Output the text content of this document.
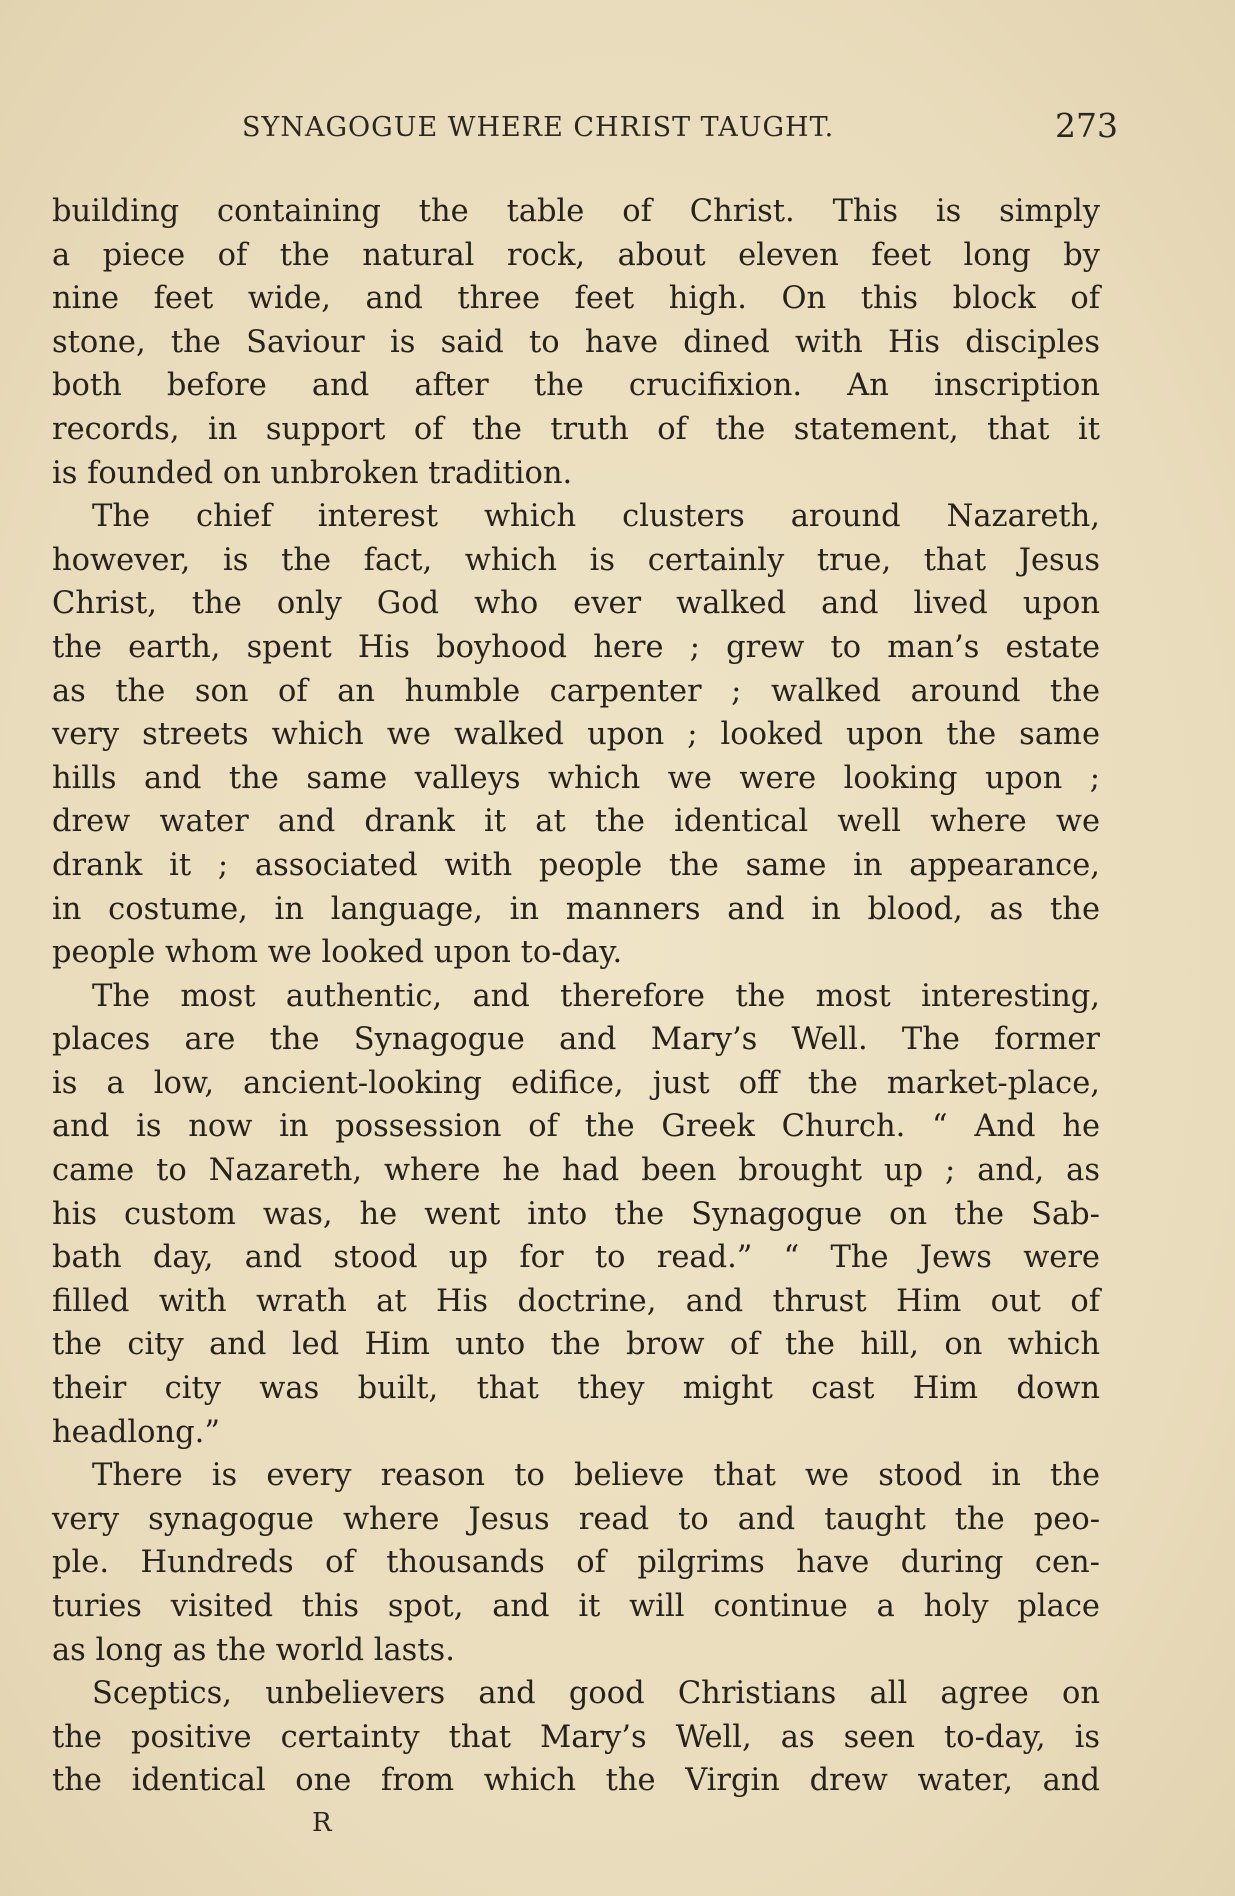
SYNAGOGUE WHERE CHRIST TAUGHT.	273
building containing the table of Christ. This is simply
a piece of the natural rock, about eleven feet long by
nine feet wide, and three feet high. On this block of
stone, the Saviour is said to have dined with His disciples
both before and after the crucifixion. An inscription
records, in support of the truth of the statement, that it
is founded on unbroken tradition.
The chief interest which clusters around Nazareth,
however, is the fact, which is certainly true, that Jesus
Christ, the only God who ever walked and lived upon
the earth, spent His boyhood here ; grew to man’s estate
as the son of an humble carpenter ; walked around the
very streets which we walked upon ; looked upon the same
hills and the same valleys which we were looking upon ;
drew water and drank it at the identical well where we
drank it ; associated with people the same in appearance,
in costume, in language, in manners and in blood, as the
people whom we looked upon to-day.
The most authentic, and therefore the most interesting,
places are the Synagogue and Mary’s Well. The former
is a low, ancient-looking edifice, just off the market-place,
and is now in possession of the Greek Church. “ And he
came to Nazareth, where he had been brought up ; and, as
his custom was, he went into the Synagogue on the Sab-
bath day, and stood up for to read.” “ The Jews were
filled with wrath at His doctrine, and thrust Him out of
the city and led Him unto the brow of the hill, on which
their city was built, that they might cast Him down
headlong.”
There is every reason to believe that we stood in the
very synagogue where Jesus read to and taught the peo-
ple. Hundreds of thousands of pilgrims have during cen-
turies visited this spot, and it will continue a holy place
as long as the world lasts.
Sceptics, unbelievers and good Christians all agree on
the positive certainty that Mary’s Well, as seen to-day, is
the identical one from which the Virgin drew water, and
R
